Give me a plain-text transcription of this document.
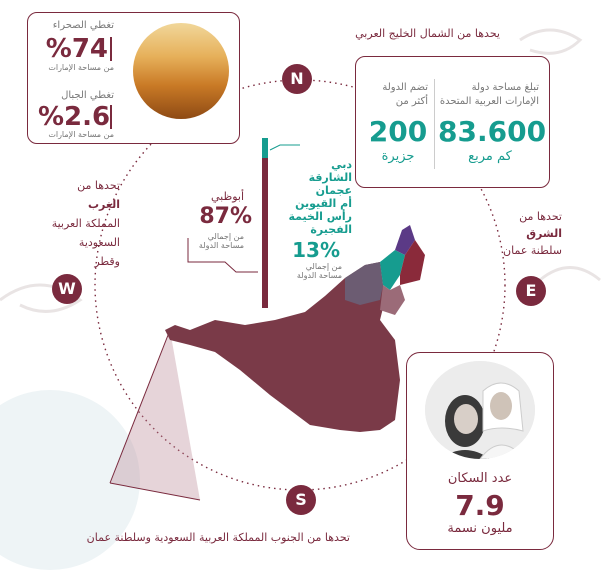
N
يحدها من الشمال الخليج العربي
W
تحدها من
الغرب
المملكة العربية
السعودية
وقطر
E
تحدها من
الشرق
سلطنة عمان
S
تحدها من الجنوب المملكة العربية السعودية وسلطنة عمان
تغطي الصحراء
%74
من مساحة الإمارات
تغطي الجبال
%2.6
من مساحة الإمارات
تبلغ مساحة دولة
الإمارات العربية المتحدة
83.600
كم مربع
تضم الدولة
أكثر من
200
جزيرة
أبوظبي
87%
من إجمالي
مساحة الدولة
دبي
الشارقة
عجمان
أم القيوين
رأس الخيمة
الفجيرة
13%
من إجمالي
مساحة الدولة
عدد السكان
7.9
مليون نسمة
